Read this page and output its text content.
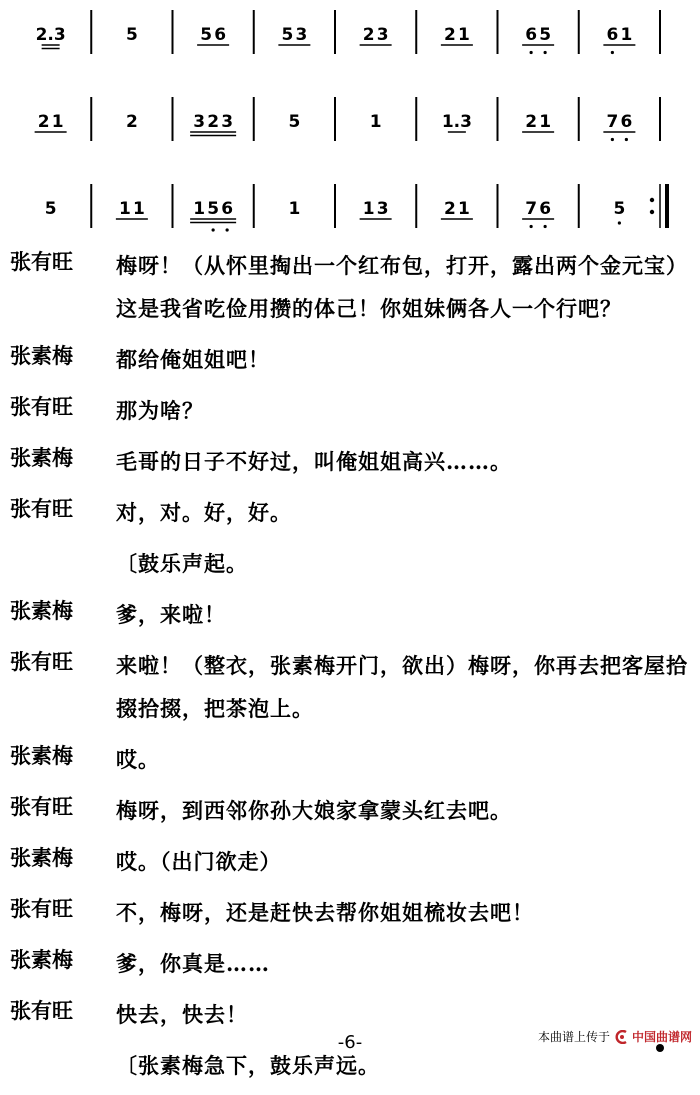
2.3	5	5 6	5 3	2 3	2 1	6 5	6 1
2 1	2	3 2 3	5	1	1.3	2 1	7 6
5	1 1	1 5 6	1	1 3	2 1	7 6	5
张有旺	梅呀！（从怀里掏出一个红布包，打开，露出两个金元宝）这是我省吃俭用攒的体己！你姐妹俩各人一个行吧？
张素梅	都给俺姐姐吧！
张有旺	那为啥？
张素梅	毛哥的日子不好过，叫俺姐姐高兴……。
张有旺	对，对。好，好。
〔鼓乐声起。
张素梅	爹，来啦！
张有旺	来啦！（整衣，张素梅开门，欲出）梅呀，你再去把客屋拾掇拾掇，把茶泡上。
张素梅	哎。
张有旺	梅呀，到西邻你孙大娘家拿蒙头红去吧。
张素梅	哎。（出门欲走）
张有旺	不，梅呀，还是赶快去帮你姐姐梳妆去吧！
张素梅	爹，你真是……
张有旺	快去，快去！
〔张素梅急下，鼓乐声远。
-6-	本曲谱上传于 中国曲谱网
